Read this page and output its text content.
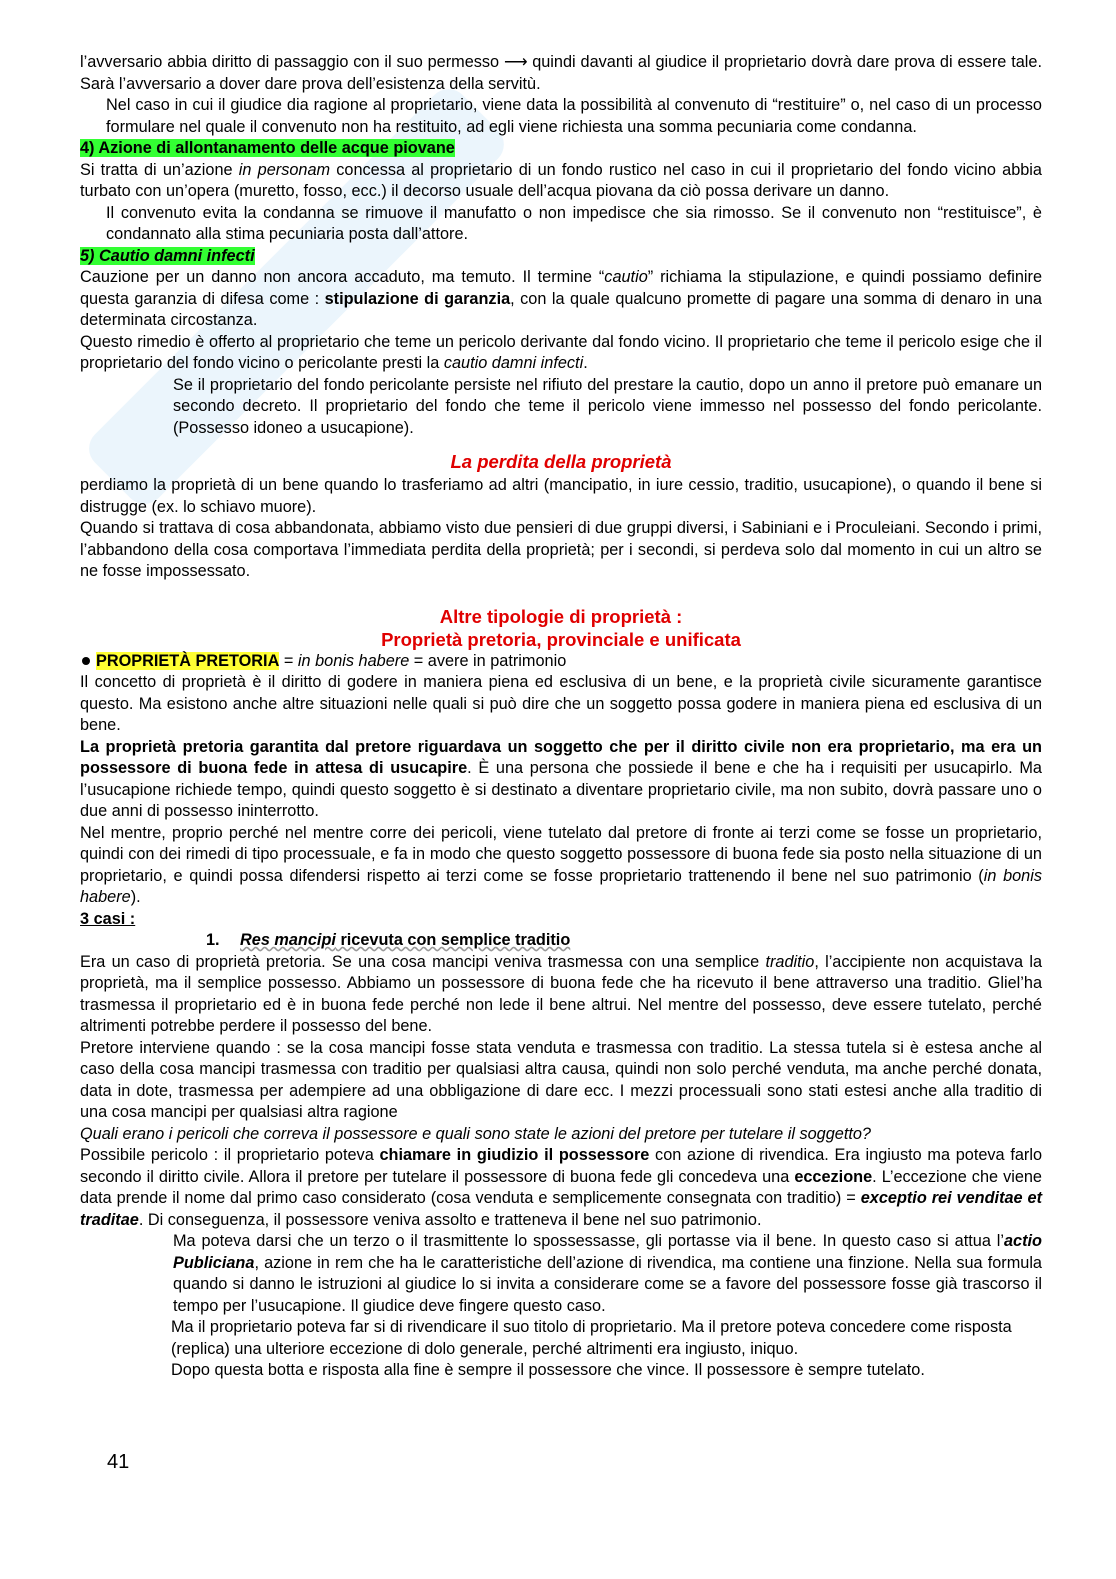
l’avversario abbia diritto di passaggio con il suo permesso ⟶ quindi davanti al giudice il proprietario dovrà dare prova di essere tale. Sarà l’avversario a dover dare prova dell’esistenza della servitù.

Nel caso in cui il giudice dia ragione al proprietario, viene data la possibilità al convenuto di “restituire” o, nel caso di un processo formulare nel quale il convenuto non ha restituito, ad egli viene richiesta una somma pecuniaria come condanna.

4) Azione di allontanamento delle acque piovane

Si tratta di un’azione in personam concessa al proprietario di un fondo rustico nel caso in cui il proprietario del fondo vicino abbia turbato con un’opera (muretto, fosso, ecc.) il decorso usuale dell’acqua piovana da ciò possa derivare un danno.

Il convenuto evita la condanna se rimuove il manufatto o non impedisce che sia rimosso. Se il convenuto non “restituisce”, è condannato alla stima pecuniaria posta dall’attore.

5) Cautio damni infecti

Cauzione per un danno non ancora accaduto, ma temuto. Il termine “cautio” richiama la stipulazione, e quindi possiamo definire questa garanzia di difesa come : stipulazione di garanzia, con la quale qualcuno promette di pagare una somma di denaro in una determinata circostanza.

Questo rimedio è offerto al proprietario che teme un pericolo derivante dal fondo vicino. Il proprietario che teme il pericolo esige che il proprietario del fondo vicino o pericolante presti la cautio damni infecti.

Se il proprietario del fondo pericolante persiste nel rifiuto del prestare la cautio, dopo un anno il pretore può emanare un secondo decreto. Il proprietario del fondo che teme il pericolo viene immesso nel possesso del fondo pericolante. (Possesso idoneo a usucapione).

La perdita della proprietà

perdiamo la proprietà di un bene quando lo trasferiamo ad altri (mancipatio, in iure cessio, traditio, usucapione), o quando il bene si distrugge (ex. lo schiavo muore).

Quando si trattava di cosa abbandonata, abbiamo visto due pensieri di due gruppi diversi, i Sabiniani e i Proculeiani. Secondo i primi, l’abbandono della cosa comportava l’immediata perdita della proprietà; per i secondi, si perdeva solo dal momento in cui un altro se ne fosse impossessato.

Altre tipologie di proprietà :
Proprietà pretoria, provinciale e unificata

PROPRIETÀ PRETORIA = in bonis habere = avere in patrimonio

Il concetto di proprietà è il diritto di godere in maniera piena ed esclusiva di un bene, e la proprietà civile sicuramente garantisce questo. Ma esistono anche altre situazioni nelle quali si può dire che un soggetto possa godere in maniera piena ed esclusiva di un bene.

La proprietà pretoria garantita dal pretore riguardava un soggetto che per il diritto civile non era proprietario, ma era un possessore di buona fede in attesa di usucapire. È una persona che possiede il bene e che ha i requisiti per usucapirlo. Ma l’usucapione richiede tempo, quindi questo soggetto è si destinato a diventare proprietario civile, ma non subito, dovrà passare uno o due anni di possesso ininterrotto.

Nel mentre, proprio perché nel mentre corre dei pericoli, viene tutelato dal pretore di fronte ai terzi come se fosse un proprietario, quindi con dei rimedi di tipo processuale, e fa in modo che questo soggetto possessore di buona fede sia posto nella situazione di un proprietario, e quindi possa difendersi rispetto ai terzi come se fosse proprietario trattenendo il bene nel suo patrimonio (in bonis habere).

3 casi :

1. Res mancipi ricevuta con semplice traditio

Era un caso di proprietà pretoria. Se una cosa mancipi veniva trasmessa con una semplice traditio, l’accipiente non acquistava la proprietà, ma il semplice possesso. Abbiamo un possessore di buona fede che ha ricevuto il bene attraverso una traditio. Gliel’ha trasmessa il proprietario ed è in buona fede perché non lede il bene altrui. Nel mentre del possesso, deve essere tutelato, perché altrimenti potrebbe perdere il possesso del bene.

Pretore interviene quando : se la cosa mancipi fosse stata venduta e trasmessa con traditio. La stessa tutela si è estesa anche al caso della cosa mancipi trasmessa con traditio per qualsiasi altra causa, quindi non solo perché venduta, ma anche perché donata, data in dote, trasmessa per adempiere ad una obbligazione di dare ecc. I mezzi processuali sono stati estesi anche alla traditio di una cosa mancipi per qualsiasi altra ragione

Quali erano i pericoli che correva il possessore e quali sono state le azioni del pretore per tutelare il soggetto?

Possibile pericolo : il proprietario poteva chiamare in giudizio il possessore con azione di rivendica. Era ingiusto ma poteva farlo secondo il diritto civile. Allora il pretore per tutelare il possessore di buona fede gli concedeva una eccezione. L’eccezione che viene data prende il nome dal primo caso considerato (cosa venduta e semplicemente consegnata con traditio) = exceptio rei venditae et traditae. Di conseguenza, il possessore veniva assolto e tratteneva il bene nel suo patrimonio.

Ma poteva darsi che un terzo o il trasmittente lo spossessasse, gli portasse via il bene. In questo caso si attua l’actio Publiciana, azione in rem che ha le caratteristiche dell’azione di rivendica, ma contiene una finzione. Nella sua formula quando si danno le istruzioni al giudice lo si invita a considerare come se a favore del possessore fosse già trascorso il tempo per l’usucapione. Il giudice deve fingere questo caso.

Ma il proprietario poteva far si di rivendicare il suo titolo di proprietario. Ma il pretore poteva concedere come risposta (replica) una ulteriore eccezione di dolo generale, perché altrimenti era ingiusto, iniquo.

Dopo questa botta e risposta alla fine è sempre il possessore che vince. Il possessore è sempre tutelato.

41
